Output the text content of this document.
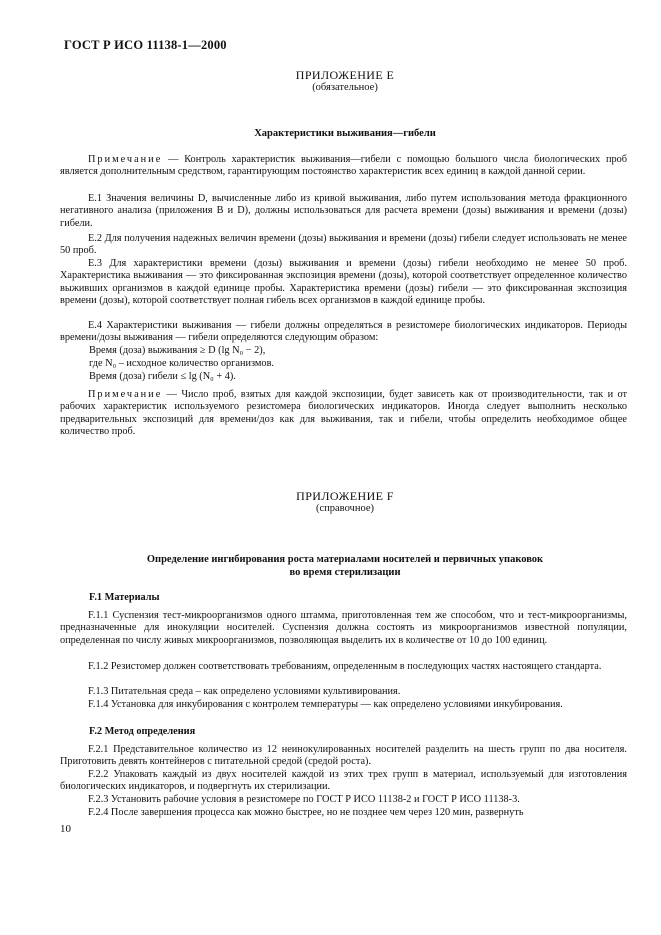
ГОСТ Р ИСО 11138-1—2000
ПРИЛОЖЕНИЕ Е
(обязательное)
Характеристики выживания—гибели
Примечание — Контроль характеристик выживания—гибели с помощью большого числа биологических проб является дополнительным средством, гарантирующим постоянство характеристик всех единиц в каждой данной серии.
Е.1 Значения величины D, вычисленные либо из кривой выживания, либо путем использования метода фракционного негативного анализа (приложения В и D), должны использоваться для расчета времени (дозы) выживания и времени (дозы) гибели.
Е.2 Для получения надежных величин времени (дозы) выживания и времени (дозы) гибели следует использовать не менее 50 проб.
Е.3 Для характеристики времени (дозы) выживания и времени (дозы) гибели необходимо не менее 50 проб. Характеристика выживания — это фиксированная экспозиция времени (дозы), которой соответствует определенное количество выживших организмов в каждой единице пробы. Характеристика времени (дозы) гибели — это фиксированная экспозиция времени (дозы), которой соответствует полная гибель всех организмов в каждой единице пробы.
Е.4 Характеристики выживания — гибели должны определяться в резистомере биологических индикаторов. Периоды времени/дозы выживания — гибели определяются следующим образом:
Время (доза) выживания ≥ D (lg N₀ − 2),
где N₀ – исходное количество организмов.
Время (доза) гибели ≤ lg (N₀ + 4).
Примечание — Число проб, взятых для каждой экспозиции, будет зависеть как от производительности, так и от рабочих характеристик используемого резистомера биологических индикаторов. Иногда следует выполнить несколько предварительных экспозиций для времени/доз как для выживания, так и гибели, чтобы определить необходимое общее количество проб.
ПРИЛОЖЕНИЕ F
(справочное)
Определение ингибирования роста материалами носителей и первичных упаковок
во время стерилизации
F.1 Материалы
F.1.1 Суспензия тест-микроорганизмов одного штамма, приготовленная тем же способом, что и тест-микроорганизмы, предназначенные для инокуляции носителей. Суспензия должна состоять из микроорганизмов известной популяции, определенная по числу живых микроорганизмов, позволяющая выделить их в количестве от 10 до 100 единиц.
F.1.2 Резистомер должен соответствовать требованиям, определенным в последующих частях настоящего стандарта.
F.1.3 Питательная среда – как определено условиями культивирования.
F.1.4 Установка для инкубирования с контролем температуры — как определено условиями инкубирования.
F.2 Метод определения
F.2.1 Представительное количество из 12 неинокулированных носителей разделить на шесть групп по два носителя. Приготовить девять контейнеров с питательной средой (средой роста).
F.2.2 Упаковать каждый из двух носителей каждой из этих трех групп в материал, используемый для изготовления биологических индикаторов, и подвергнуть их стерилизации.
F.2.3 Установить рабочие условия в резистомере по ГОСТ Р ИСО 11138-2 и ГОСТ Р ИСО 11138-3.
F.2.4 После завершения процесса как можно быстрее, но не позднее чем через 120 мин, развернуть
10
